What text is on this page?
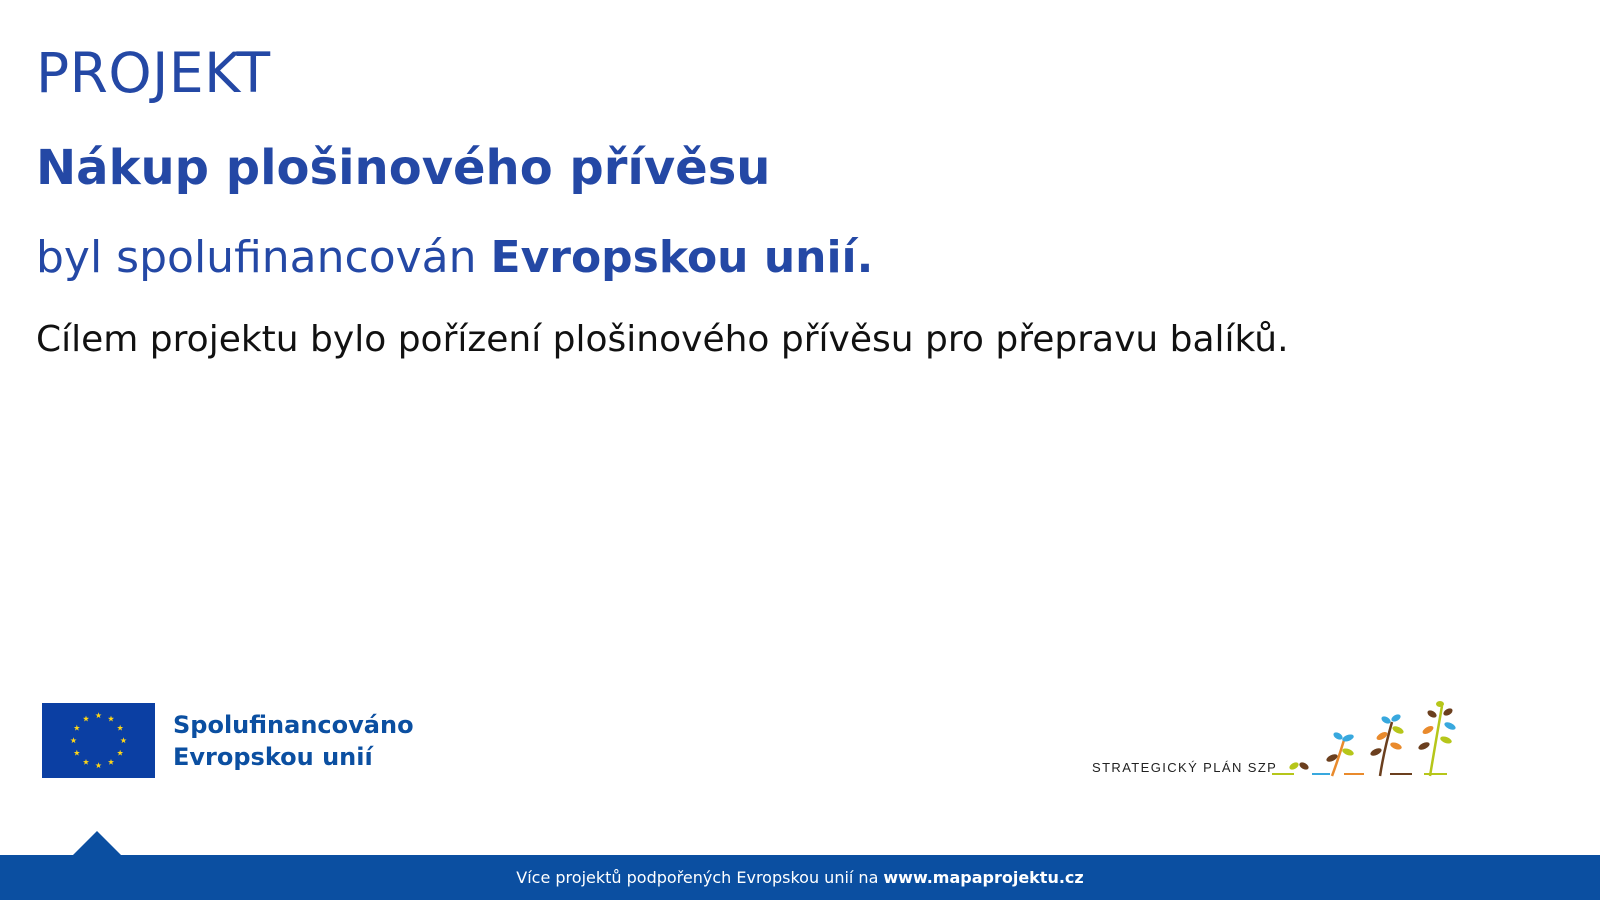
PROJEKT
Nákup plošinového přívěsu
byl spolufinancován Evropskou unií.
Cílem projektu bylo pořízení plošinového přívěsu pro přepravu balíků.
Spolufinancováno
Evropskou unií	STRATEGICKÝ PLÁN SZP
Více projektů podpořených Evropskou unií na www.mapaprojektu.cz
